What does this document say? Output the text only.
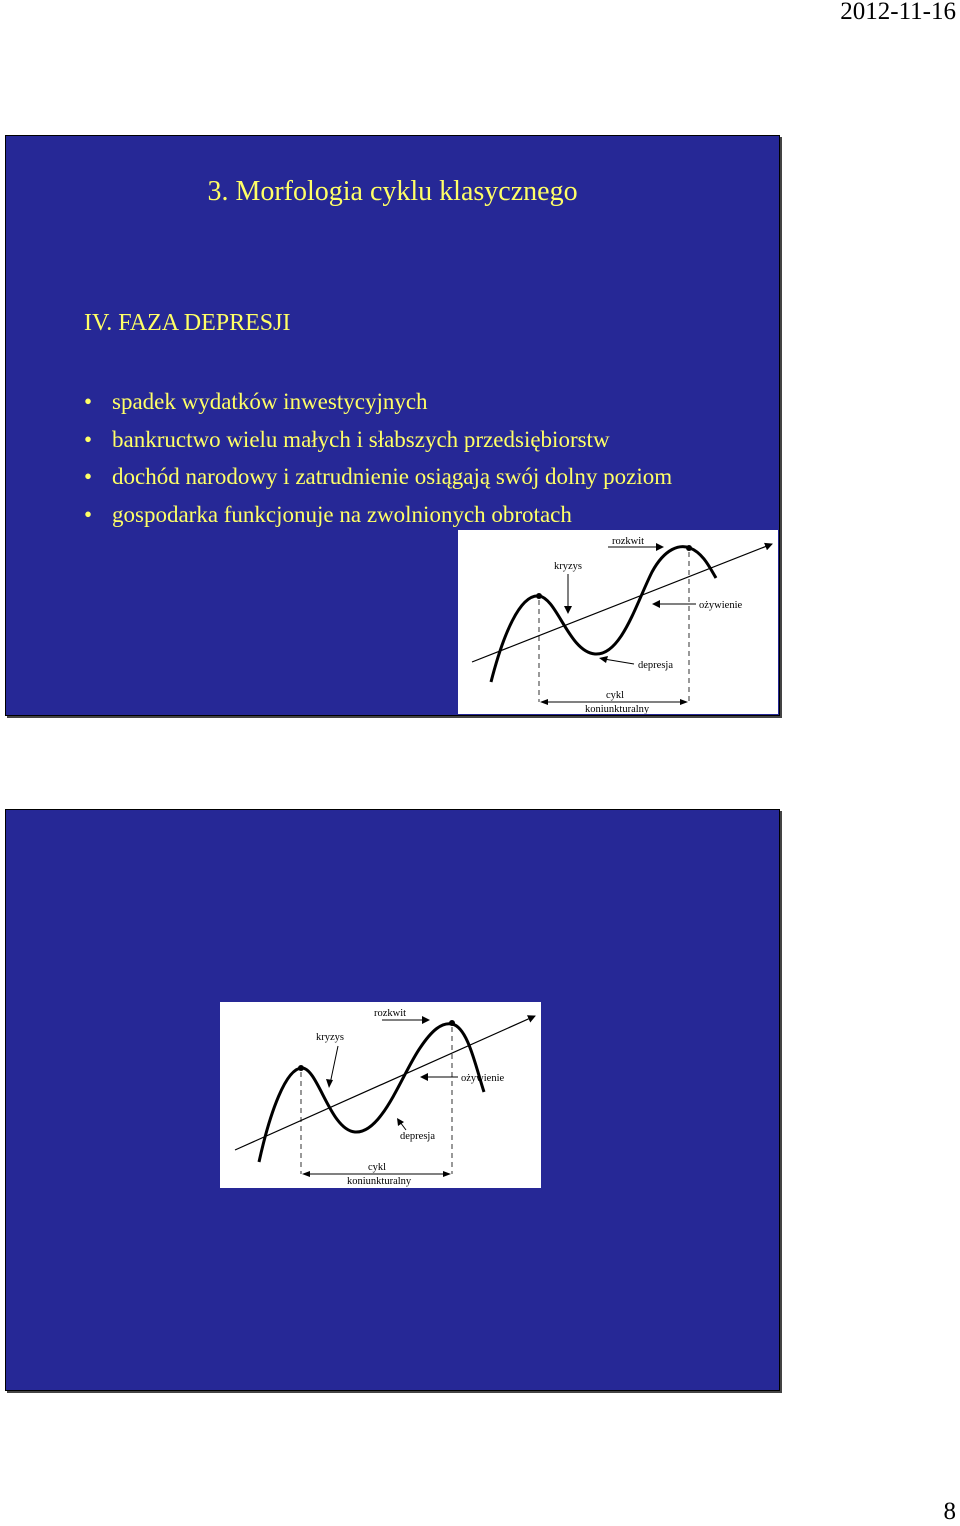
2012-11-16
3. Morfologia cyklu klasycznego
IV. FAZA DEPRESJI
• spadek wydatków inwestycyjnych
• bankructwo wielu małych i słabszych przedsiębiorstw
• dochód narodowy i zatrudnienie osiągają swój dolny poziom
• gospodarka funkcjonuje na zwolnionych obrotach
rozkwit
kryzys
ożywienie
depresja
cykl
koniunkturalny
rozkwit
kryzys
ożywienie
depresja
cykl
koniunkturalny
8
